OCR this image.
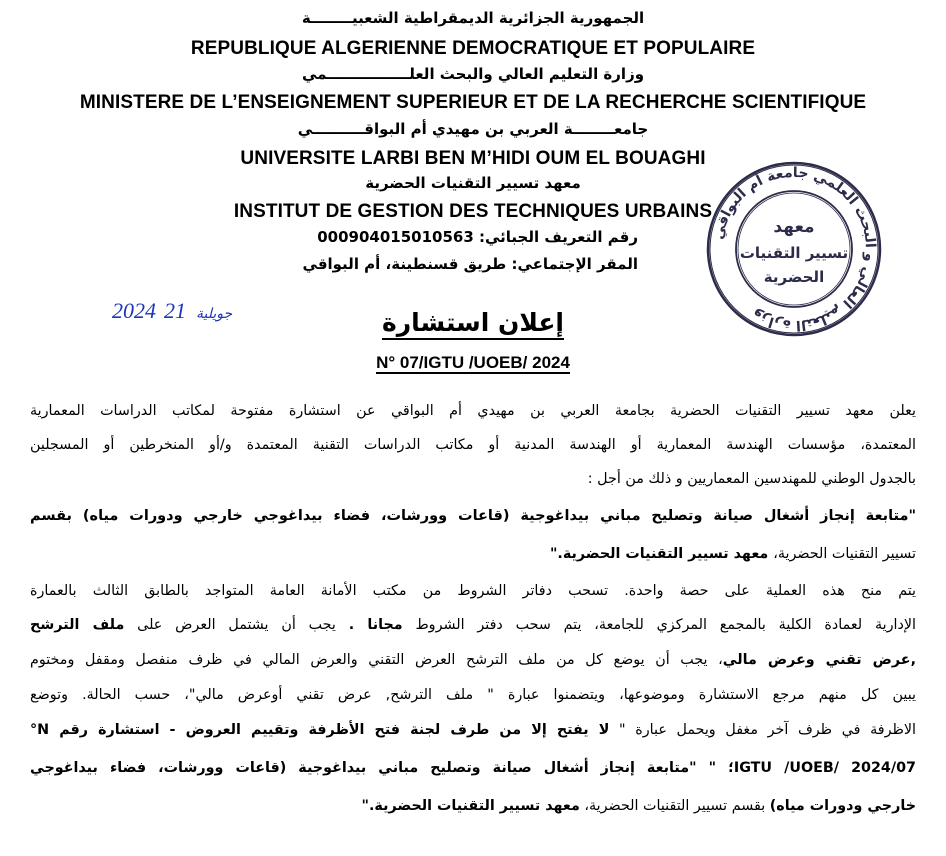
الجمهورية الجزائرية الديمقراطية الشعبيــــــــة
REPUBLIQUE ALGERIENNE DEMOCRATIQUE ET POPULAIRE
وزارة التعليم العالي والبحث العلــــــــــــــــمي
MINISTERE DE L’ENSEIGNEMENT SUPERIEUR ET DE LA RECHERCHE SCIENTIFIQUE
جامعــــــــة العربي بن مهيدي أم البواقــــــــــي
UNIVERSITE LARBI BEN M’HIDI OUM EL BOUAGHI
معهد تسيير التقنيات الحضرية
INSTITUT DE GESTION DES TECHNIQUES URBAINS
رقم التعريف الجبائي: 000904015010563
المقر الإجتماعي: طريق قسنطينة، أم البواقي
2024	جويلية21
وزارة التعليم العالي و البحث العلمي جامعة أم البواقي
معهد
تسيير التقنيات
الحضرية
إعلان استشارة
N° 07/IGTU /UOEB/ 2024
يعلن معهد تسيير التقنيات الحضرية بجامعة العربي بن مهيدي أم البواقي عن استشارة مفتوحة لمكاتب الدراسات المعمارية
المعتمدة، مؤسسات الهندسة المعمارية أو الهندسة المدنية أو مكاتب الدراسات التقنية المعتمدة و/أو المنخرطين أو المسجلين
بالجدول الوطني للمهندسين المعماريين و ذلك من أجل :
"متابعة إنجاز أشغال صيانة وتصليح مباني بيداغوجية (قاعات وورشات، فضاء بيداغوجي خارجي ودورات مياه) بقسم
تسيير التقنيات الحضرية، معهد تسيير التقنيات الحضرية."
يتم منح هذه العملية على حصة واحدة. تسحب دفاتر الشروط من مكتب الأمانة العامة المتواجد بالطابق الثالث بالعمارة
الإدارية لعمادة الكلية بالمجمع المركزي للجامعة، يتم سحب دفتر الشروط مجانا . يجب أن يشتمل العرض على ملف الترشح
,عرض تقني وعرض مالي، يجب أن يوضع كل من ملف الترشح العرض التقني والعرض المالي في ظرف منفصل ومقفل ومختوم
يبين كل منهم مرجع الاستشارة وموضوعها، ويتضمنوا عبارة " ملف الترشح, عرض تقني أوعرض مالي"، حسب الحالة. وتوضع
الاظرفة في ظرف آخر مغفل ويحمل عبارة " لا يفتح إلا من طرف لجنة فتح الأظرفة وتقييم العروض - استشارة رقم N°
07/IGTU /UOEB/ 2024؛ " "متابعة إنجاز أشغال صيانة وتصليح مباني بيداغوجية (قاعات وورشات، فضاء بيداغوجي
خارجي ودورات مياه) بقسم تسيير التقنيات الحضرية، معهد تسيير التقنيات الحضرية."
